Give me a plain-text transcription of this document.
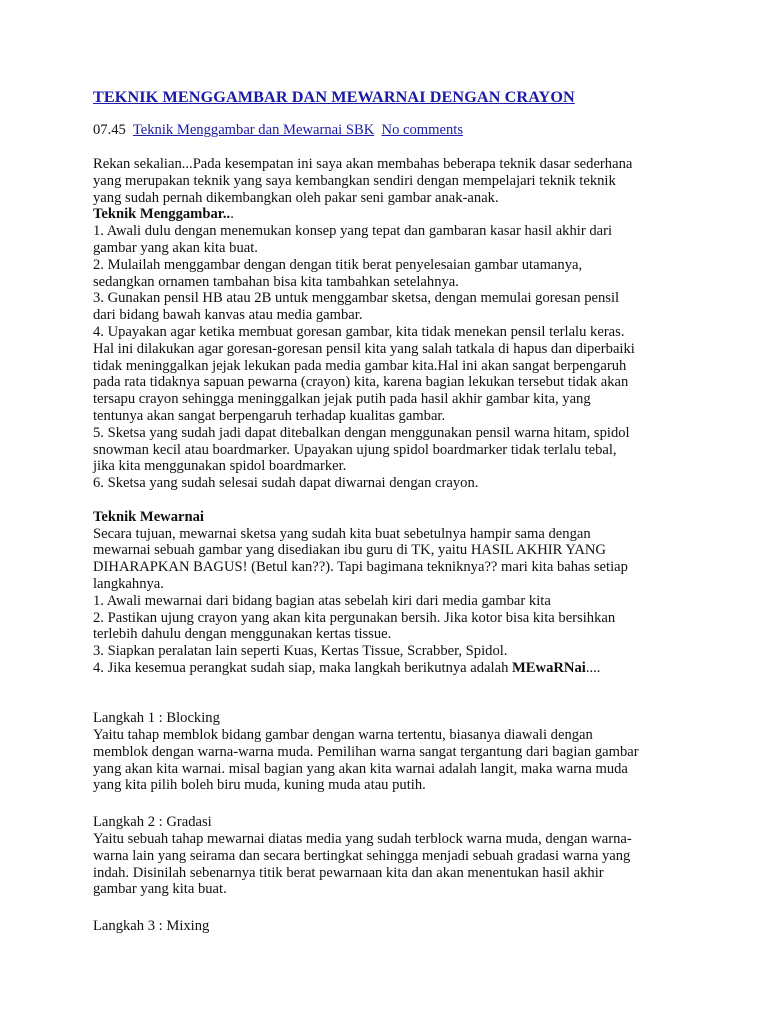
TEKNIK MENGGAMBAR DAN MEWARNAI DENGAN CRAYON
07.45 Teknik Menggambar dan Mewarnai SBK No comments
Rekan sekalian...Pada kesempatan ini saya akan membahas beberapa teknik dasar sederhana
yang merupakan teknik yang saya kembangkan sendiri dengan mempelajari teknik teknik
yang sudah pernah dikembangkan oleh pakar seni gambar anak-anak.
Teknik Menggambar...
1. Awali dulu dengan menemukan konsep yang tepat dan gambaran kasar hasil akhir dari
gambar yang akan kita buat.
2. Mulailah menggambar dengan dengan titik berat penyelesaian gambar utamanya,
sedangkan ornamen tambahan bisa kita tambahkan setelahnya.
3. Gunakan pensil HB atau 2B untuk menggambar sketsa, dengan memulai goresan pensil
dari bidang bawah kanvas atau media gambar.
4. Upayakan agar ketika membuat goresan gambar, kita tidak menekan pensil terlalu keras.
Hal ini dilakukan agar goresan-goresan pensil kita yang salah tatkala di hapus dan diperbaiki
tidak meninggalkan jejak lekukan pada media gambar kita.Hal ini akan sangat berpengaruh
pada rata tidaknya sapuan pewarna (crayon) kita, karena bagian lekukan tersebut tidak akan
tersapu crayon sehingga meninggalkan jejak putih pada hasil akhir gambar kita, yang
tentunya akan sangat berpengaruh terhadap kualitas gambar.
5. Sketsa yang sudah jadi dapat ditebalkan dengan menggunakan pensil warna hitam, spidol
snowman kecil atau boardmarker. Upayakan ujung spidol boardmarker tidak terlalu tebal,
jika kita menggunakan spidol boardmarker.
6. Sketsa yang sudah selesai sudah dapat diwarnai dengan crayon.
Teknik Mewarnai
Secara tujuan, mewarnai sketsa yang sudah kita buat sebetulnya hampir sama dengan
mewarnai sebuah gambar yang disediakan ibu guru di TK, yaitu HASIL AKHIR YANG
DIHARAPKAN BAGUS! (Betul kan??). Tapi bagimana tekniknya?? mari kita bahas setiap
langkahnya.
1. Awali mewarnai dari bidang bagian atas sebelah kiri dari media gambar kita
2. Pastikan ujung crayon yang akan kita pergunakan bersih. Jika kotor bisa kita bersihkan
terlebih dahulu dengan menggunakan kertas tissue.
3. Siapkan peralatan lain seperti Kuas, Kertas Tissue, Scrabber, Spidol.
4. Jika kesemua perangkat sudah siap, maka langkah berikutnya adalah MEwaRNai....
Langkah 1 : Blocking
Yaitu tahap memblok bidang gambar dengan warna tertentu, biasanya diawali dengan
memblok dengan warna-warna muda. Pemilihan warna sangat tergantung dari bagian gambar
yang akan kita warnai. misal bagian yang akan kita warnai adalah langit, maka warna muda
yang kita pilih boleh biru muda, kuning muda atau putih.
Langkah 2 : Gradasi
Yaitu sebuah tahap mewarnai diatas media yang sudah terblock warna muda, dengan warna-
warna lain yang seirama dan secara bertingkat sehingga menjadi sebuah gradasi warna yang
indah. Disinilah sebenarnya titik berat pewarnaan kita dan akan menentukan hasil akhir
gambar yang kita buat.
Langkah 3 : Mixing
